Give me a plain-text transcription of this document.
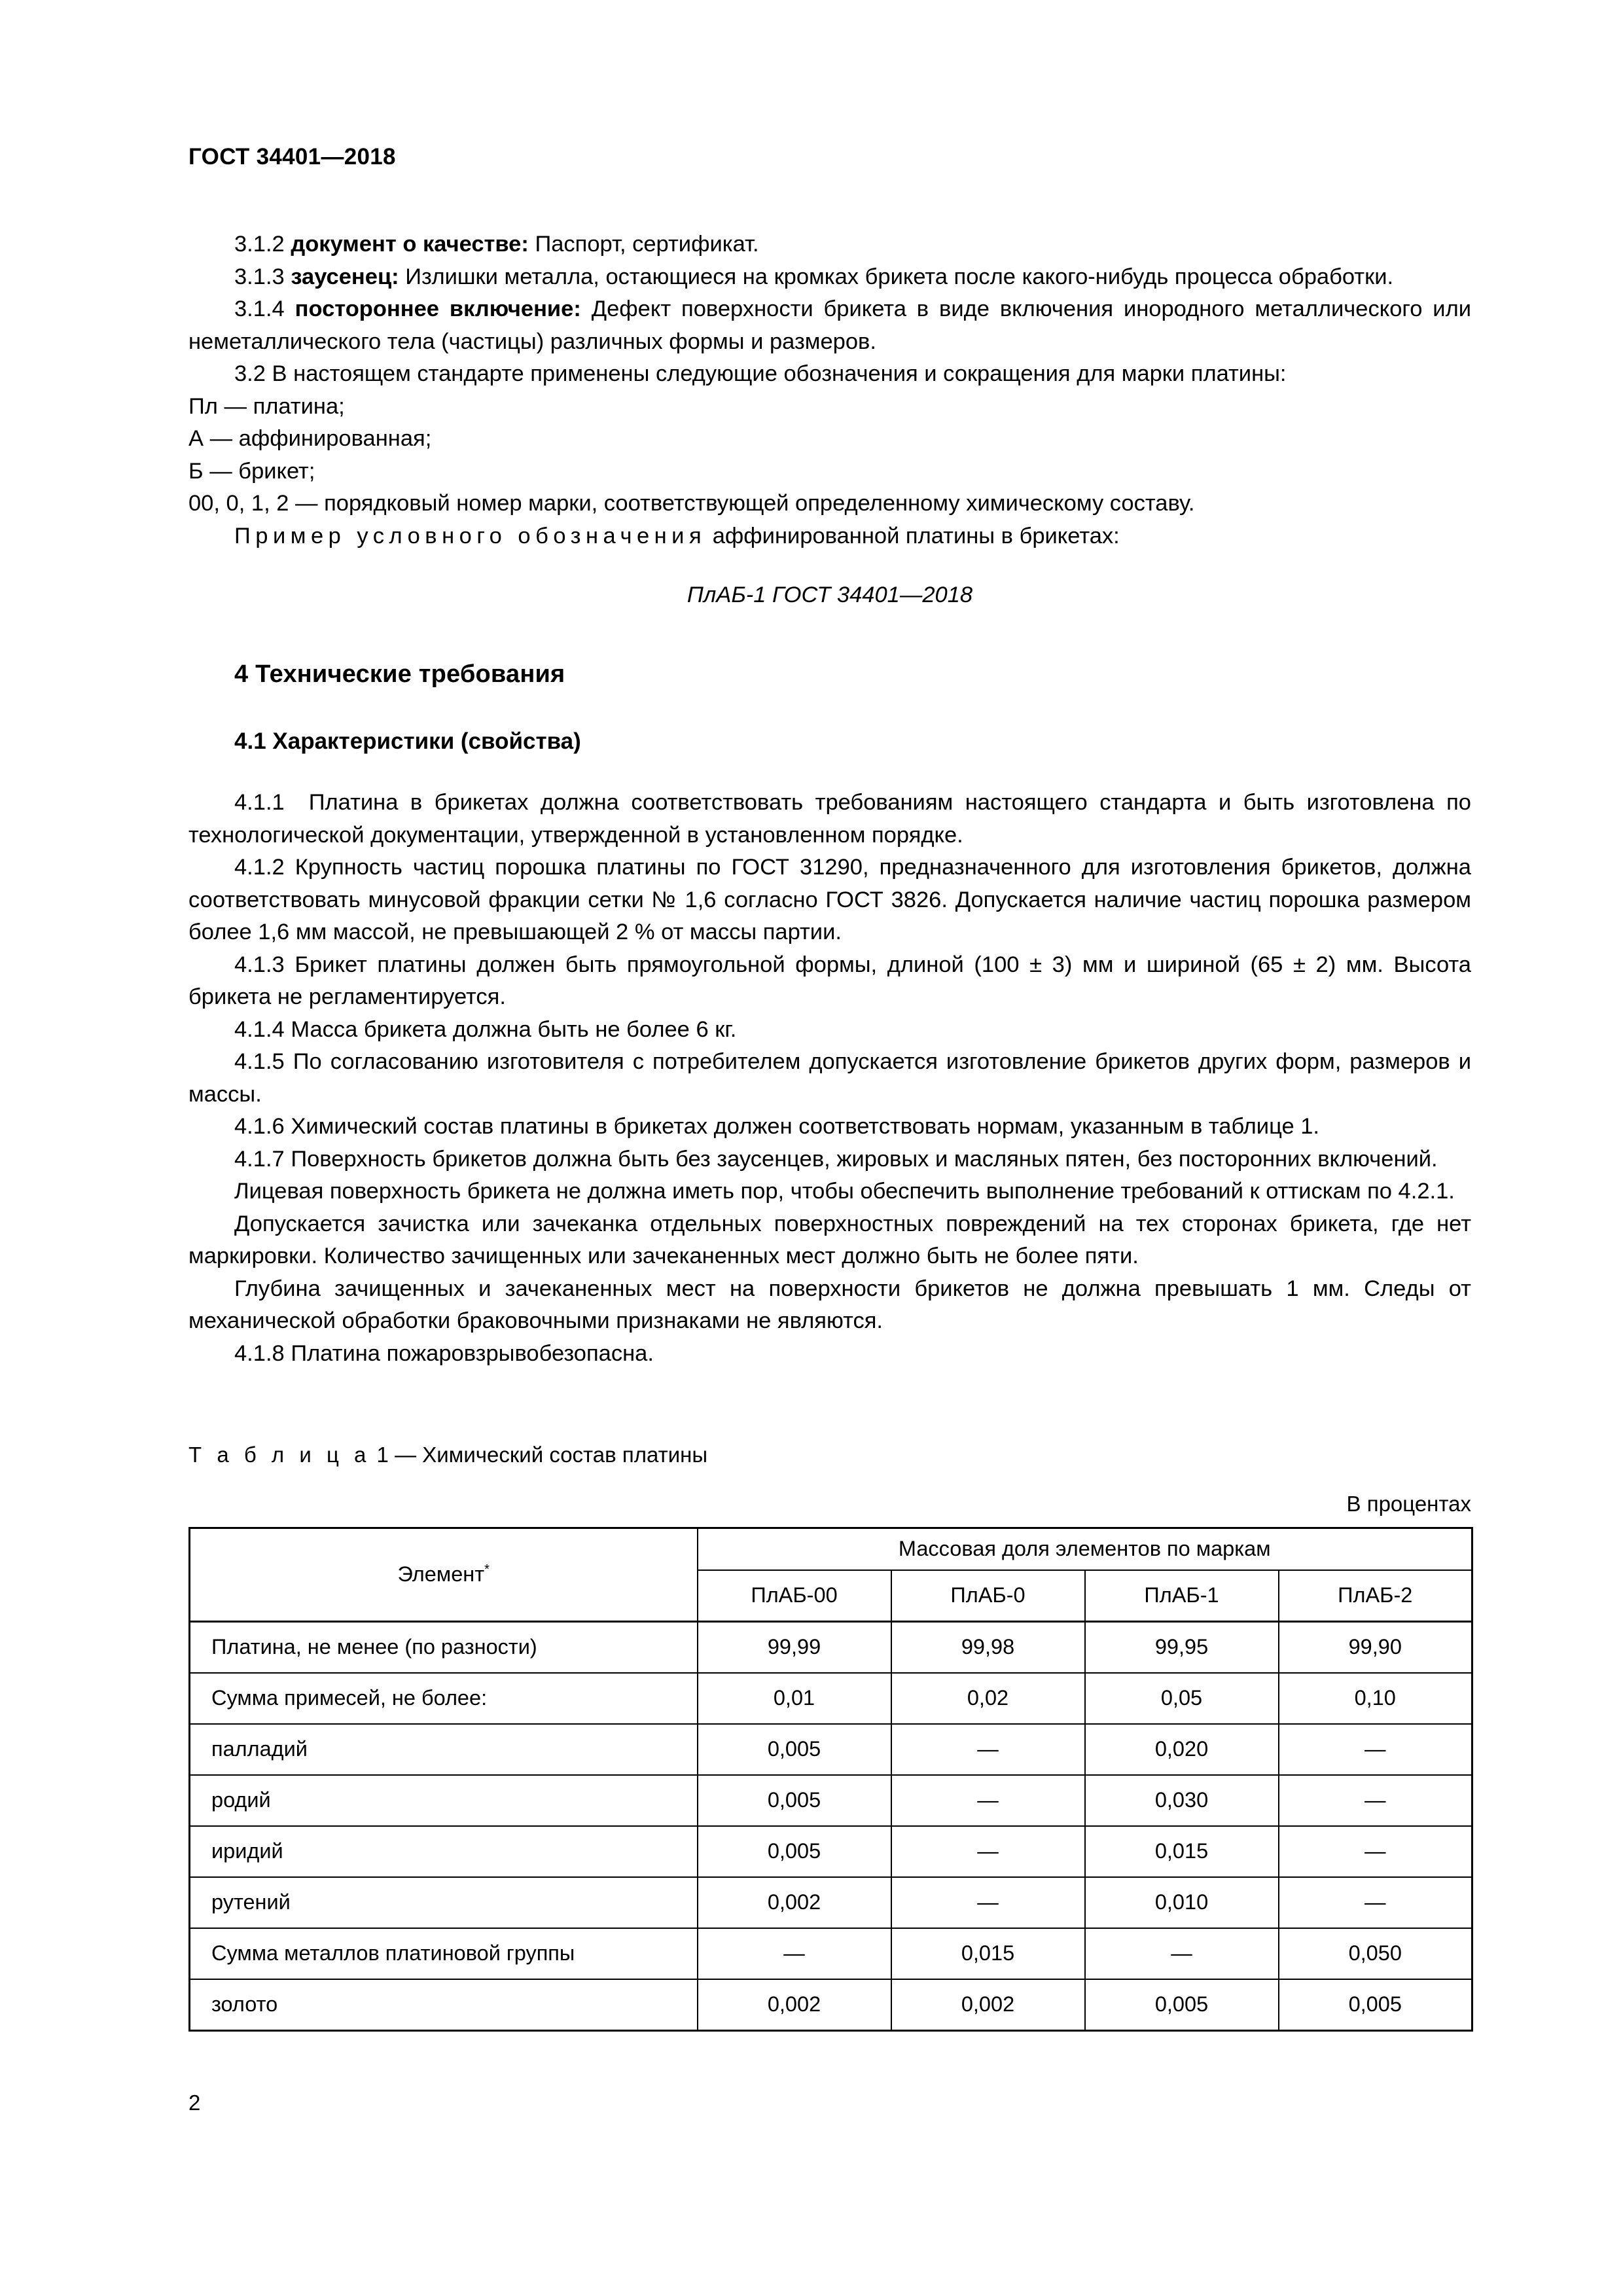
ГОСТ 34401—2018

3.1.2 документ о качестве: Паспорт, сертификат.

3.1.3 заусенец: Излишки металла, остающиеся на кромках брикета после какого-нибудь процесса обработки.

3.1.4 постороннее включение: Дефект поверхности брикета в виде включения инородного металлического или неметаллического тела (частицы) различных формы и размеров.

3.2 В настоящем стандарте применены следующие обозначения и сокращения для марки платины:

Пл — платина;

А — аффинированная;

Б — брикет;

00, 0, 1, 2 — порядковый номер марки, соответствующей определенному химическому составу.

Пример условного обозначения аффинированной платины в брикетах:

ПлАБ-1 ГОСТ 34401—2018

4 Технические требования
4.1 Характеристики (свойства)

4.1.1  Платина в брикетах должна соответствовать требованиям настоящего стандарта и быть изготовлена по технологической документации, утвержденной в установленном порядке.

4.1.2 Крупность частиц порошка платины по ГОСТ 31290, предназначенного для изготовления брикетов, должна соответствовать минусовой фракции сетки № 1,6 согласно ГОСТ 3826. Допускается наличие частиц порошка размером более 1,6 мм массой, не превышающей 2 % от массы партии.

4.1.3 Брикет платины должен быть прямоугольной формы, длиной (100 ± 3) мм и шириной (65 ± 2) мм. Высота брикета не регламентируется.

4.1.4 Масса брикета должна быть не более 6 кг.

4.1.5 По согласованию изготовителя с потребителем допускается изготовление брикетов других форм, размеров и массы.

4.1.6 Химический состав платины в брикетах должен соответствовать нормам, указанным в таблице 1.

4.1.7 Поверхность брикетов должна быть без заусенцев, жировых и масляных пятен, без посторонних включений.

Лицевая поверхность брикета не должна иметь пор, чтобы обеспечить выполнение требований к оттискам по 4.2.1.

Допускается зачистка или зачеканка отдельных поверхностных повреждений на тех сторонах брикета, где нет маркировки. Количество зачищенных или зачеканенных мест должно быть не более пяти.

Глубина зачищенных и зачеканенных мест на поверхности брикетов не должна превышать 1 мм. Следы от механической обработки браковочными признаками не являются.

4.1.8 Платина пожаровзрывобезопасна.

Т а б л и ц а 1 — Химический состав платины
В процентах
Элемент*	Массовая доля элементов по маркам			
	ПлАБ-00	ПлАБ-0	ПлАБ-1	ПлАБ-2
Платина, не менее (по разности)	99,99	99,98	99,95	99,90
Сумма примесей, не более:	0,01	0,02	0,05	0,10
палладий	0,005	—	0,020	—
родий	0,005	—	0,030	—
иридий	0,005	—	0,015	—
рутений	0,002	—	0,010	—
Сумма металлов платиновой группы	—	0,015	—	0,050
золото	0,002	0,002	0,005	0,005
2
